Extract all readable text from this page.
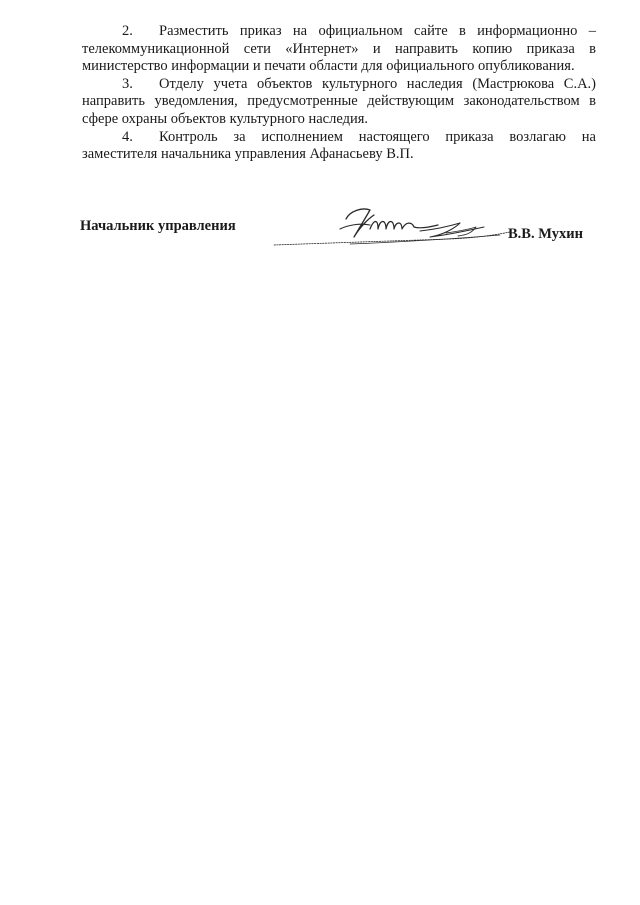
2. Разместить приказ на официальном сайте в информационно – телекоммуникационной сети «Интернет» и направить копию приказа в министерство информации и печати области для официального опубликования.

3. Отделу учета объектов культурного наследия (Мастрюкова С.А.) направить уведомления, предусмотренные действующим законодательством в сфере охраны объектов культурного наследия.

4. Контроль за исполнением настоящего приказа возлагаю на заместителя начальника управления Афанасьеву В.П.

Начальник управления	В.В. Мухин
